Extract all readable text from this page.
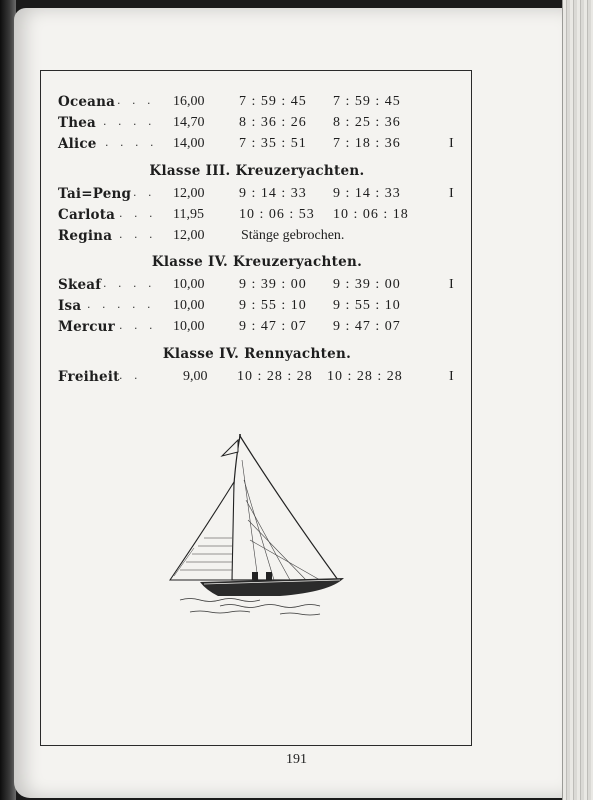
Oceana . . . 16,00 7 : 59 : 45 7 : 59 : 45
Thea . . . . 14,70 8 : 36 : 26 8 : 25 : 36
Alice . . . . 14,00 7 : 35 : 51 7 : 18 : 36	I
Klasse III. Kreuzeryachten.
Tai=Peng . . 12,00 9 : 14 : 33 9 : 14 : 33	I
Carlota . . . 11,95	10 : 06 : 53 10 : 06 : 18
Regina . . . 12,00	Stänge gebrochen.
Klasse IV. Kreuzeryachten.
Skeaf . . . . 10,00 9 : 39 : 00 9 : 39 : 00	I
Isa . . . . . 10,00 9 : 55 : 10 9 : 55 : 10
Mercur . . . 10,00 9 : 47 : 07 9 : 47 : 07
Klasse IV. Rennyachten.
Freiheit . .	9,00 10 : 28 : 28 10 : 28 : 28	I
191
